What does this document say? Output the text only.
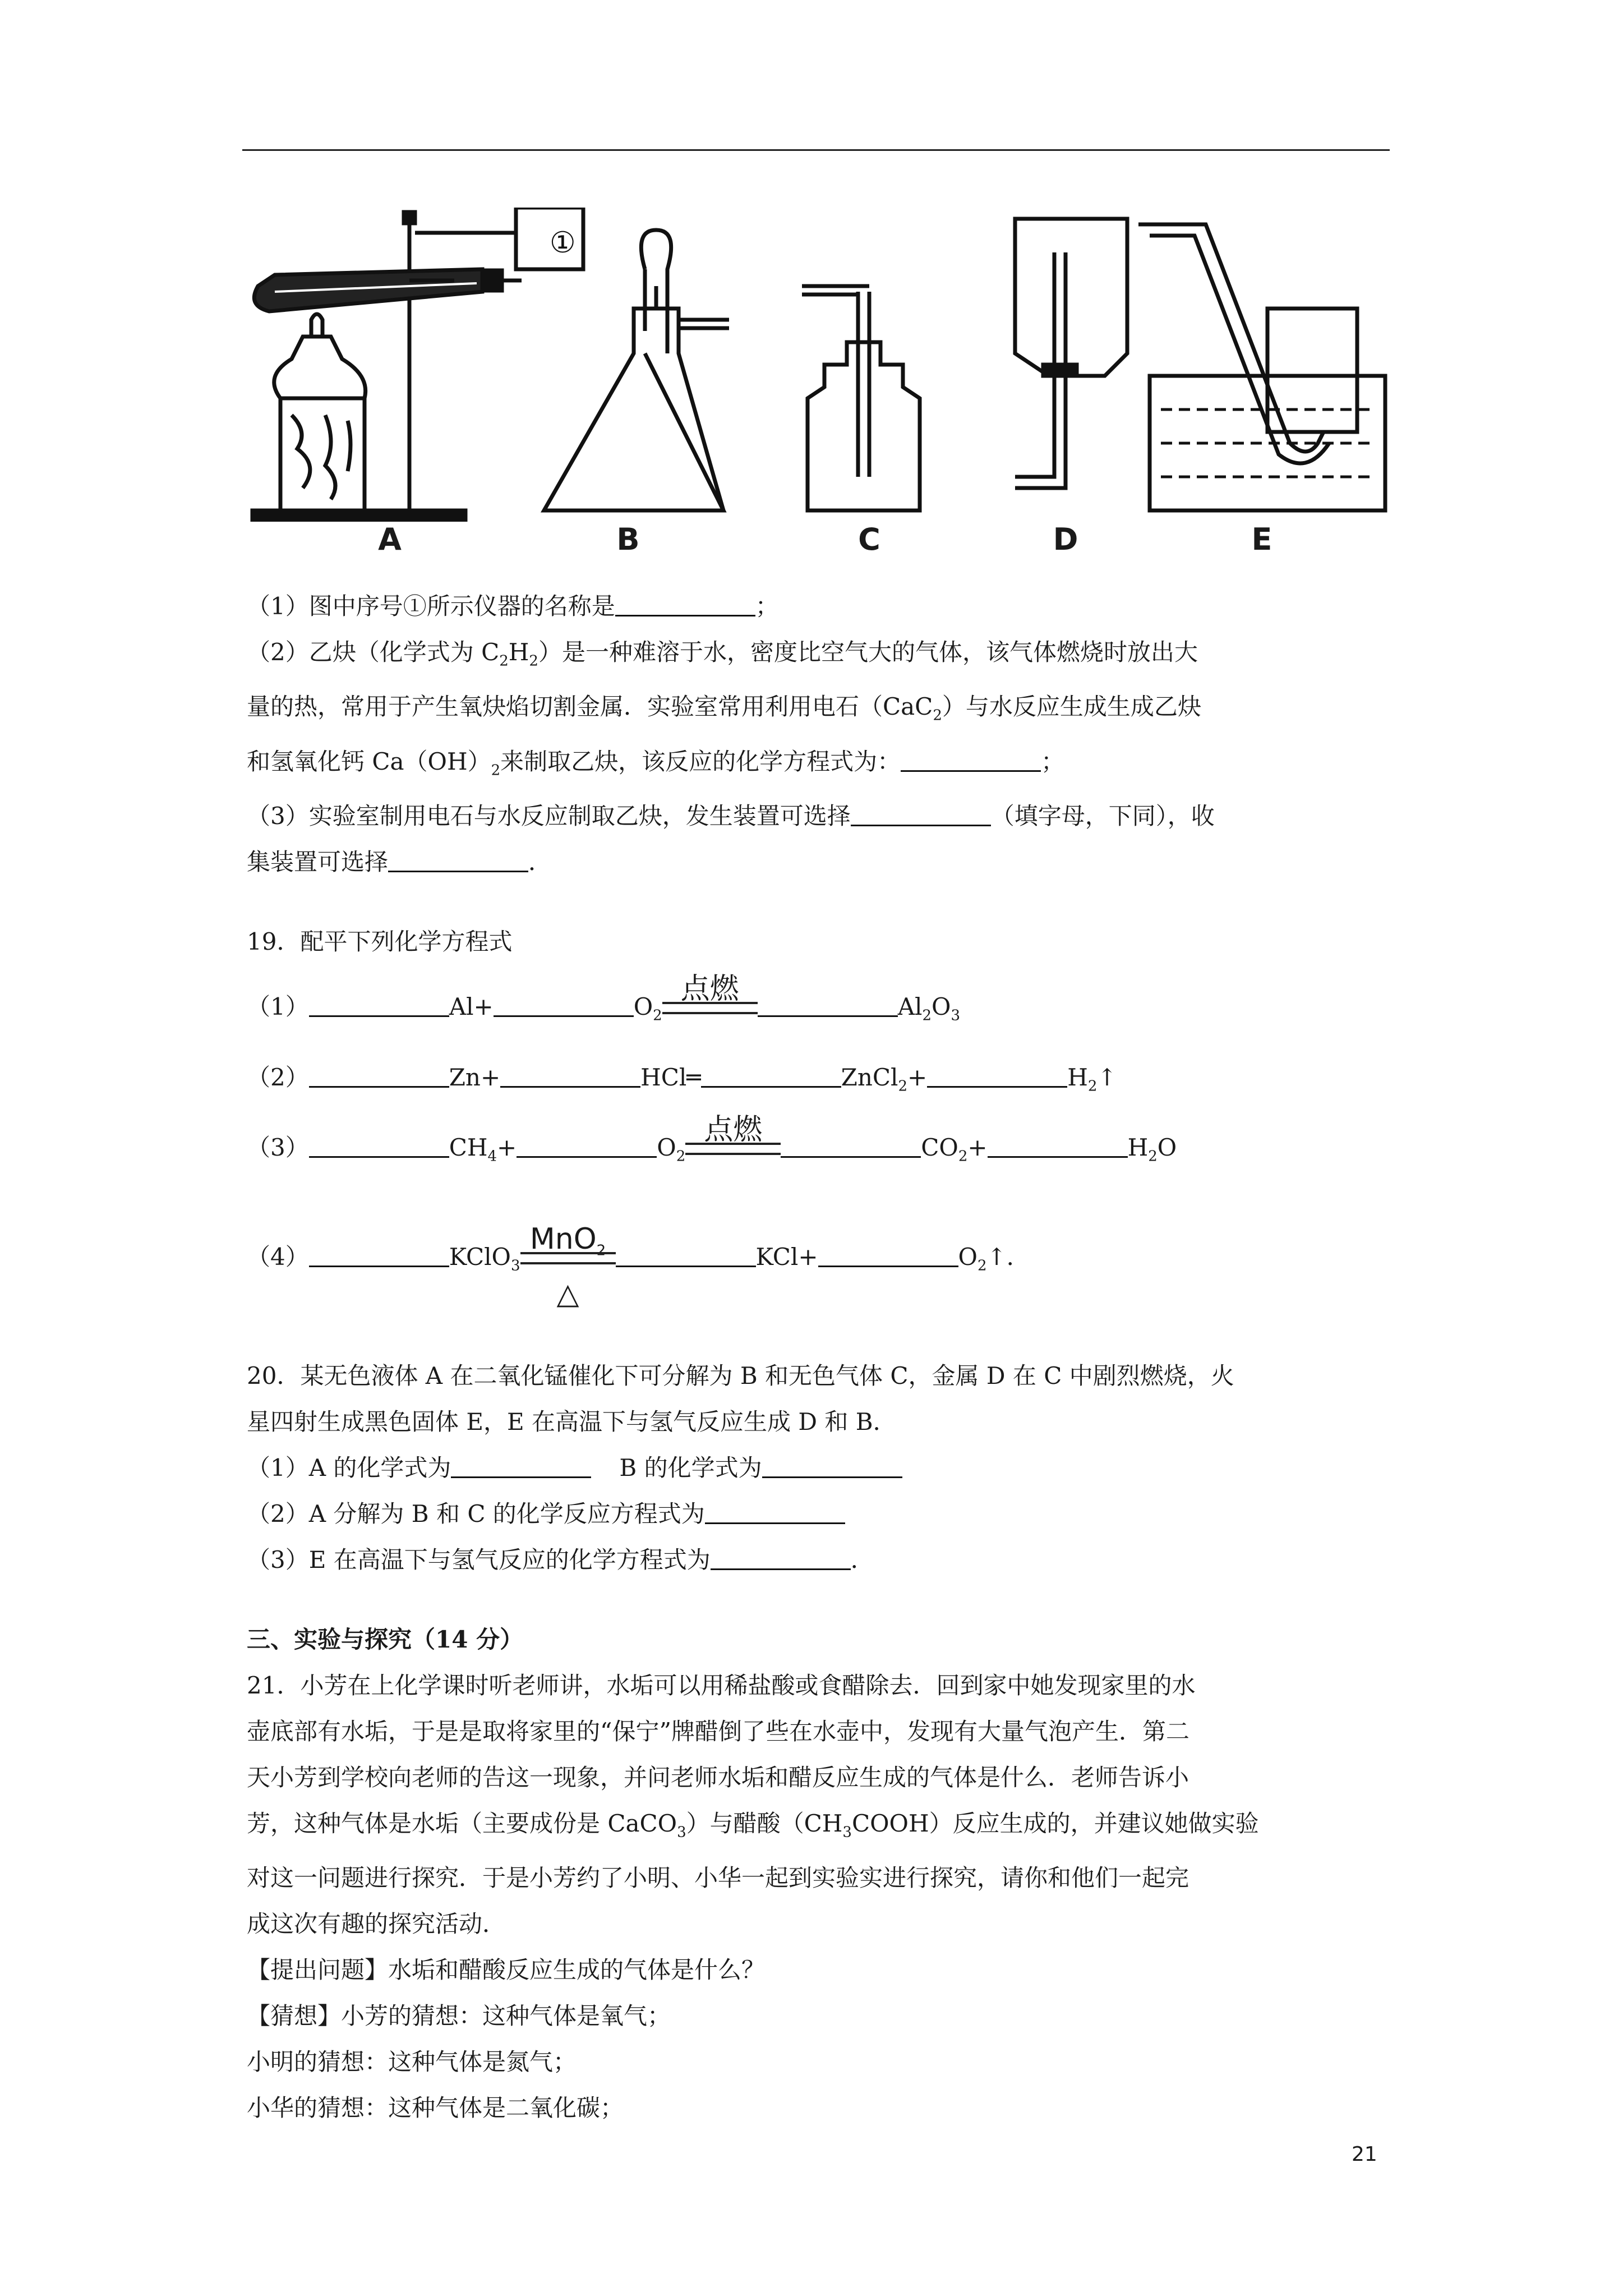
①
A	B	C	D	E
（1）图中序号①所示仪器的名称是	；
（2）乙炔（化学式为 $C_2H_2$）是一种难溶于水，密度比空气大的气体，该气体燃烧时放出大
量的热，常用于产生氧炔焰切割金属．实验室常用利用电石（CaC$_2$）与水反应生成生成乙炔
和氢氧化钙 $Ca(OH)_2$来制取乙炔，该反应的化学方程式为：	；
（3）实验室制用电石与水反应制取乙炔，发生装置可选择	（填字母，下同），收
集装置可选择	．
19．配平下列化学方程式
（1）	Al+	$O_2$
点燃
$Al_2O_3$
（2）	Zn+	HCl═	ZnCl$_2$+	$H_2↑$
（3）	$CH_4+$	$O_2$
点燃
$CO_2+$	$H_2O$
（4）	KClO$_3$
MnO$_2$
△
KCl+	$O_2↑$．
20．某无色液体 A 在二氧化锰催化下可分解为 B 和无色气体 C，金属 D 在 C 中剧烈燃烧，火
星四射生成黑色固体 E，E 在高温下与氢气反应生成 D 和 B．
（1）A 的化学式为	B 的化学式为
（2）A 分解为 B 和 C 的化学反应方程式为
（3）E 在高温下与氢气反应的化学方程式为	．
三、实验与探究（14 分）
21．小芳在上化学课时听老师讲，水垢可以用稀盐酸或食醋除去．回到家中她发现家里的水
壶底部有水垢，于是是取将家里的“保宁”牌醋倒了些在水壶中，发现有大量气泡产生．第二
天小芳到学校向老师的告这一现象，并问老师水垢和醋反应生成的气体是什么．老师告诉小
芳，这种气体是水垢（主要成份是 CaCO$_3$）与醋酸$(CH_3COOH)$反应生成的，并建议她做实验
对这一问题进行探究．于是小芳约了小明、小华一起到实验实进行探究，请你和他们一起完
成这次有趣的探究活动．
【提出问题】水垢和醋酸反应生成的气体是什么？
【猜想】小芳的猜想：这种气体是氧气；
小明的猜想：这种气体是氮气；
小华的猜想：这种气体是二氧化碳；
21
